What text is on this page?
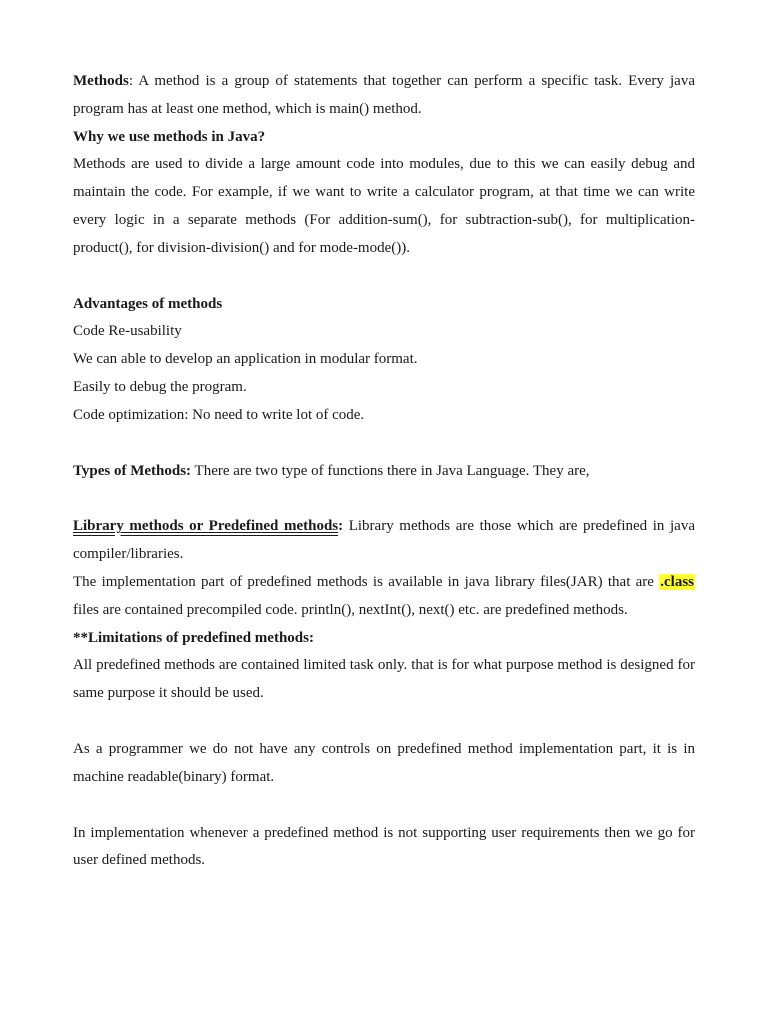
Methods: A method is a group of statements that together can perform a specific task. Every java program has at least one method, which is main() method.

Why we use methods in Java?

Methods are used to divide a large amount code into modules, due to this we can easily debug and maintain the code. For example, if we want to write a calculator program, at that time we can write every logic in a separate methods (For addition-sum(), for subtraction-sub(), for multiplication-product(), for division-division() and for mode-mode()).

Advantages of methods

Code Re-usability

We can able to develop an application in modular format.

Easily to debug the program.

Code optimization: No need to write lot of code.

Types of Methods: There are two type of functions there in Java Language. They are,

Library methods or Predefined methods: Library methods are those which are predefined in java compiler/libraries.

The implementation part of predefined methods is available in java library files(JAR) that are .class files are contained precompiled code. println(), nextInt(), next() etc. are predefined methods.

**Limitations of predefined methods:

All predefined methods are contained limited task only. that is for what purpose method is designed for same purpose it should be used.

As a programmer we do not have any controls on predefined method implementation part, it is in machine readable(binary) format.

In implementation whenever a predefined method is not supporting user requirements then we go for user defined methods.
